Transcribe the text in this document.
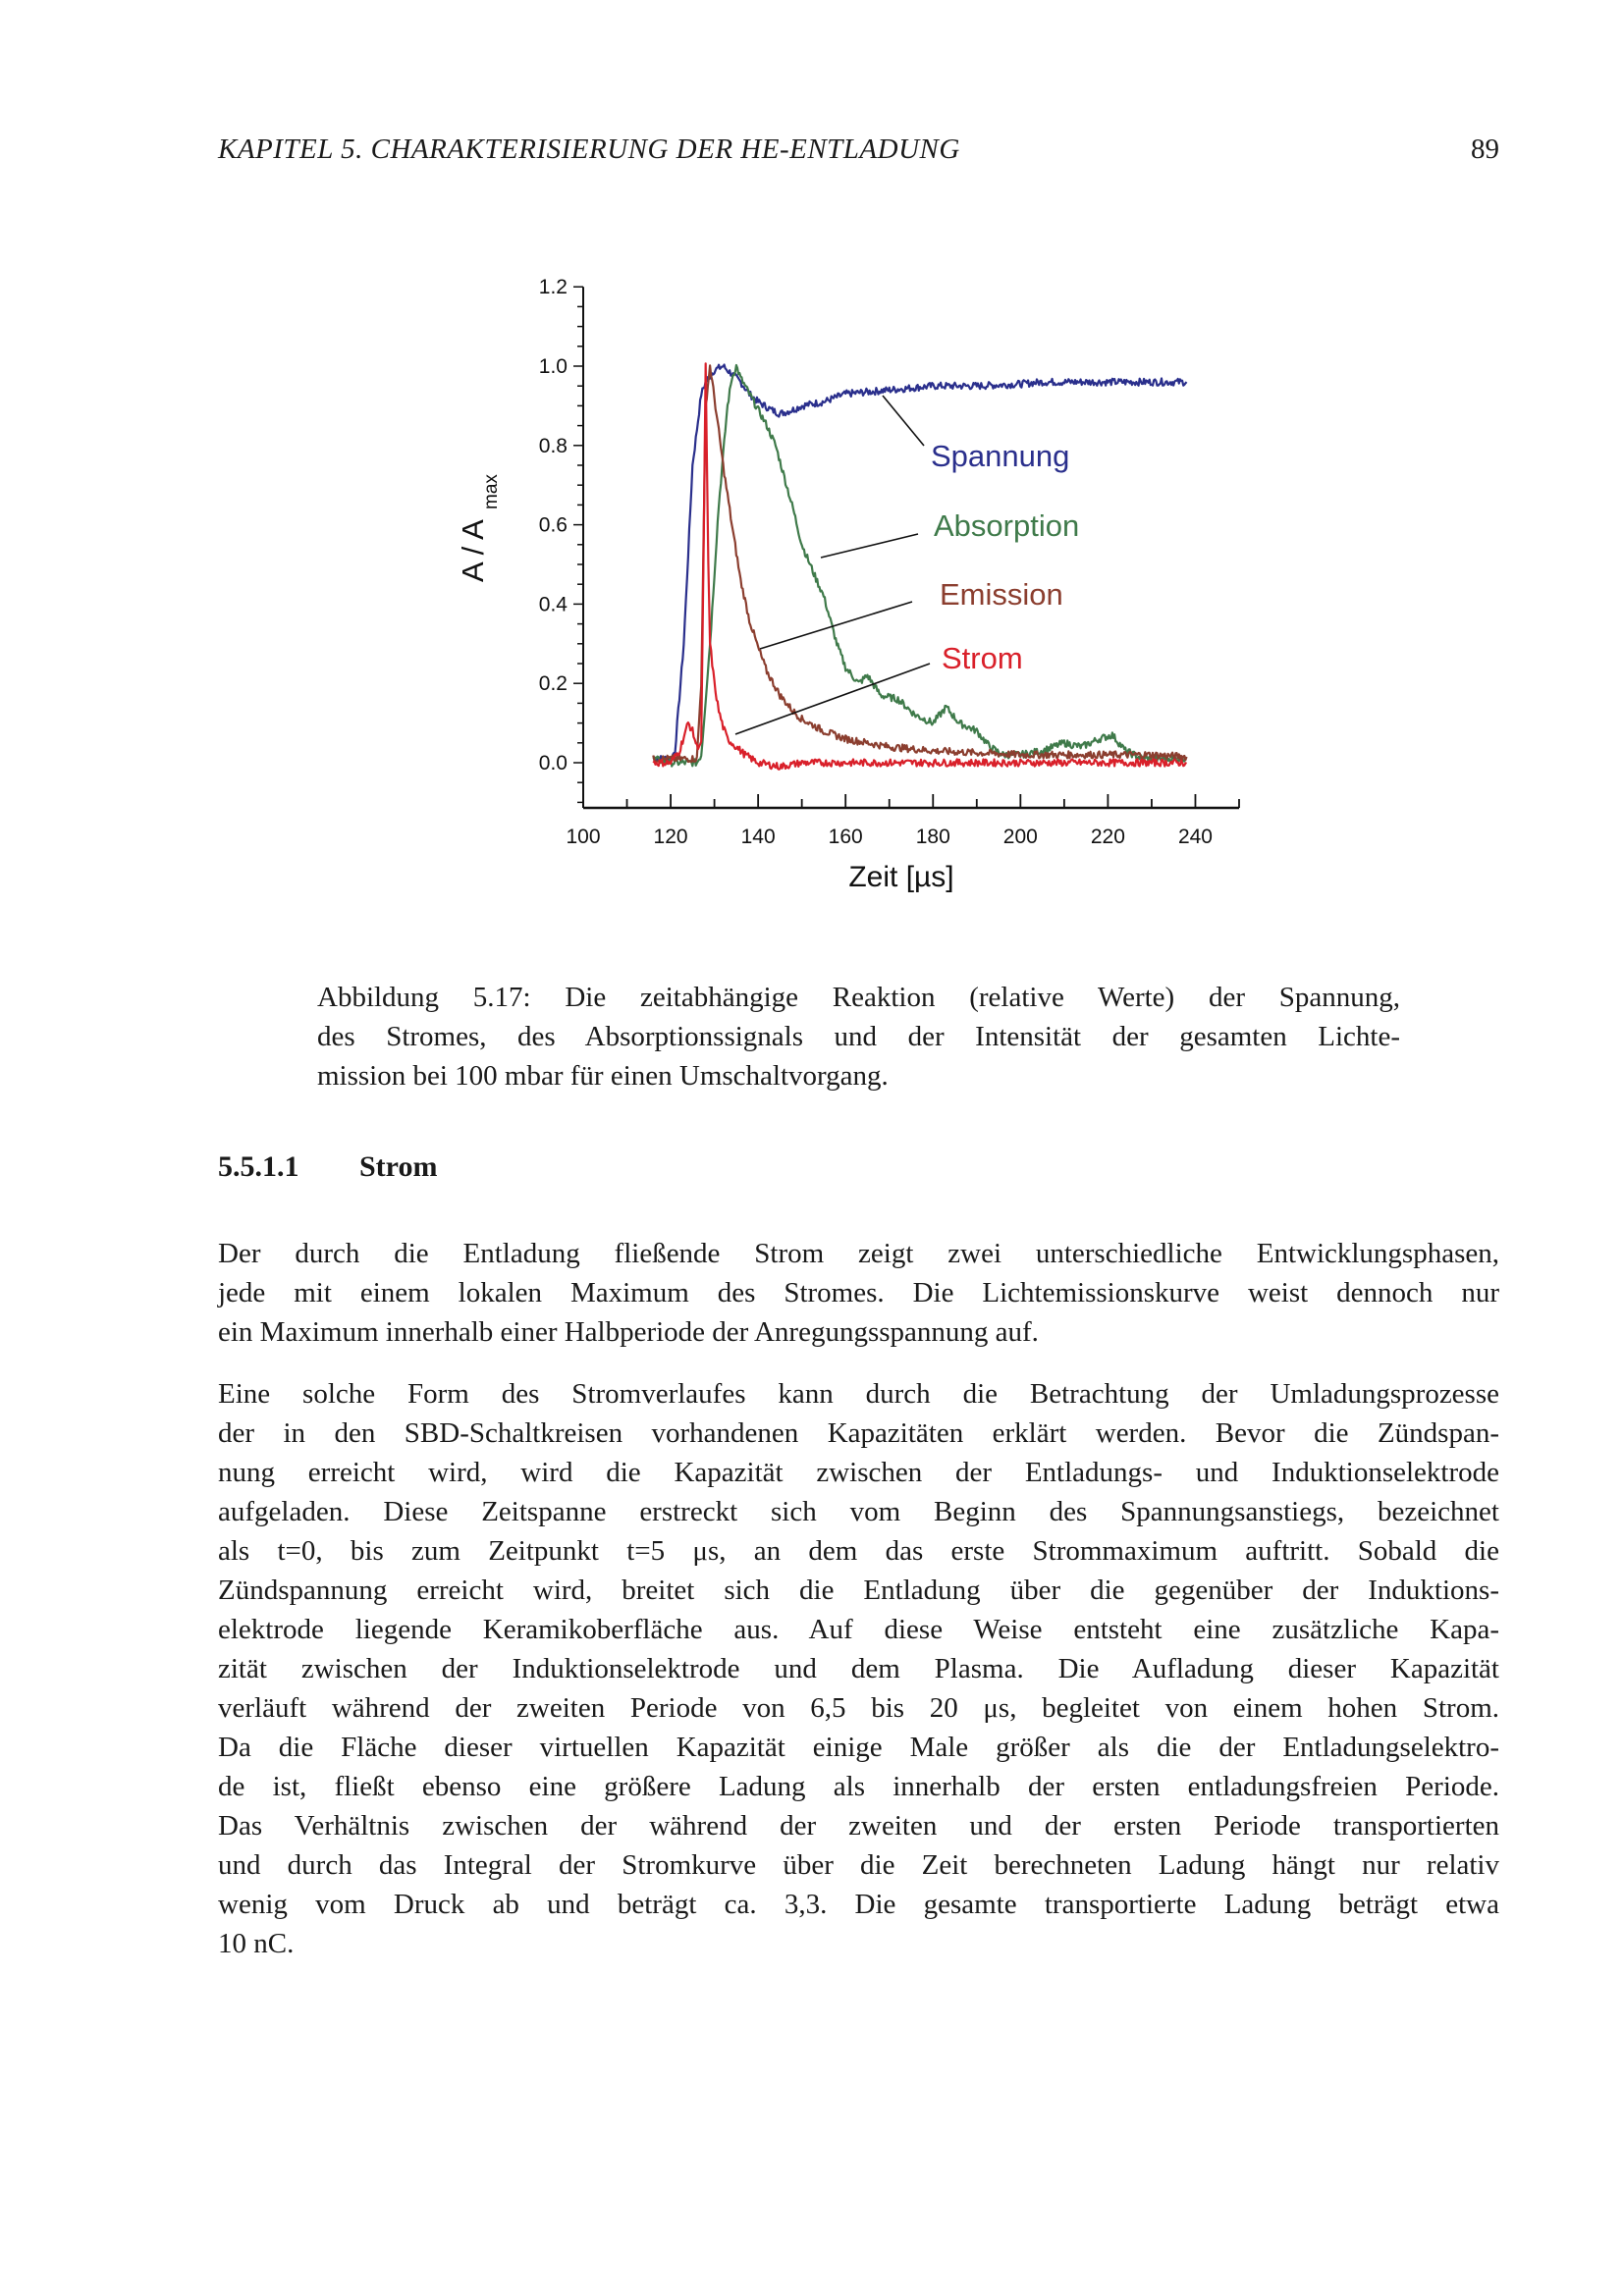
KAPITEL 5. CHARAKTERISIERUNG DER HE-ENTLADUNG	89
0.0
0.2
0.4
0.6
0.8
1.0
1.2
100	120	140	160	180	200	220	240
Spannung
Absorption
Emission
Strom
Zeit [µs]
A / A
max
Abbildung 5.17: Die zeitabhängige Reaktion (relative Werte) der Spannung,
des Stromes, des Absorptionssignals und der Intensität der gesamten Lichte-
mission bei 100 mbar für einen Umschaltvorgang.
5.5.1.1 Strom
Der durch die Entladung fließende Strom zeigt zwei unterschiedliche Entwicklungsphasen,
jede mit einem lokalen Maximum des Stromes. Die Lichtemissionskurve weist dennoch nur
ein Maximum innerhalb einer Halbperiode der Anregungsspannung auf.
Eine solche Form des Stromverlaufes kann durch die Betrachtung der Umladungsprozesse
der in den SBD-Schaltkreisen vorhandenen Kapazitäten erklärt werden. Bevor die Zündspan-
nung erreicht wird, wird die Kapazität zwischen der Entladungs- und Induktionselektrode
aufgeladen. Diese Zeitspanne erstreckt sich vom Beginn des Spannungsanstiegs, bezeichnet
als t=0, bis zum Zeitpunkt t=5 μs, an dem das erste Strommaximum auftritt. Sobald die
Zündspannung erreicht wird, breitet sich die Entladung über die gegenüber der Induktions-
elektrode liegende Keramikoberfläche aus. Auf diese Weise entsteht eine zusätzliche Kapa-
zität zwischen der Induktionselektrode und dem Plasma. Die Aufladung dieser Kapazität
verläuft während der zweiten Periode von 6,5 bis 20 μs, begleitet von einem hohen Strom.
Da die Fläche dieser virtuellen Kapazität einige Male größer als die der Entladungselektro-
de ist, fließt ebenso eine größere Ladung als innerhalb der ersten entladungsfreien Periode.
Das Verhältnis zwischen der während der zweiten und der ersten Periode transportierten
und durch das Integral der Stromkurve über die Zeit berechneten Ladung hängt nur relativ
wenig vom Druck ab und beträgt ca. 3,3. Die gesamte transportierte Ladung beträgt etwa
10 nC.
